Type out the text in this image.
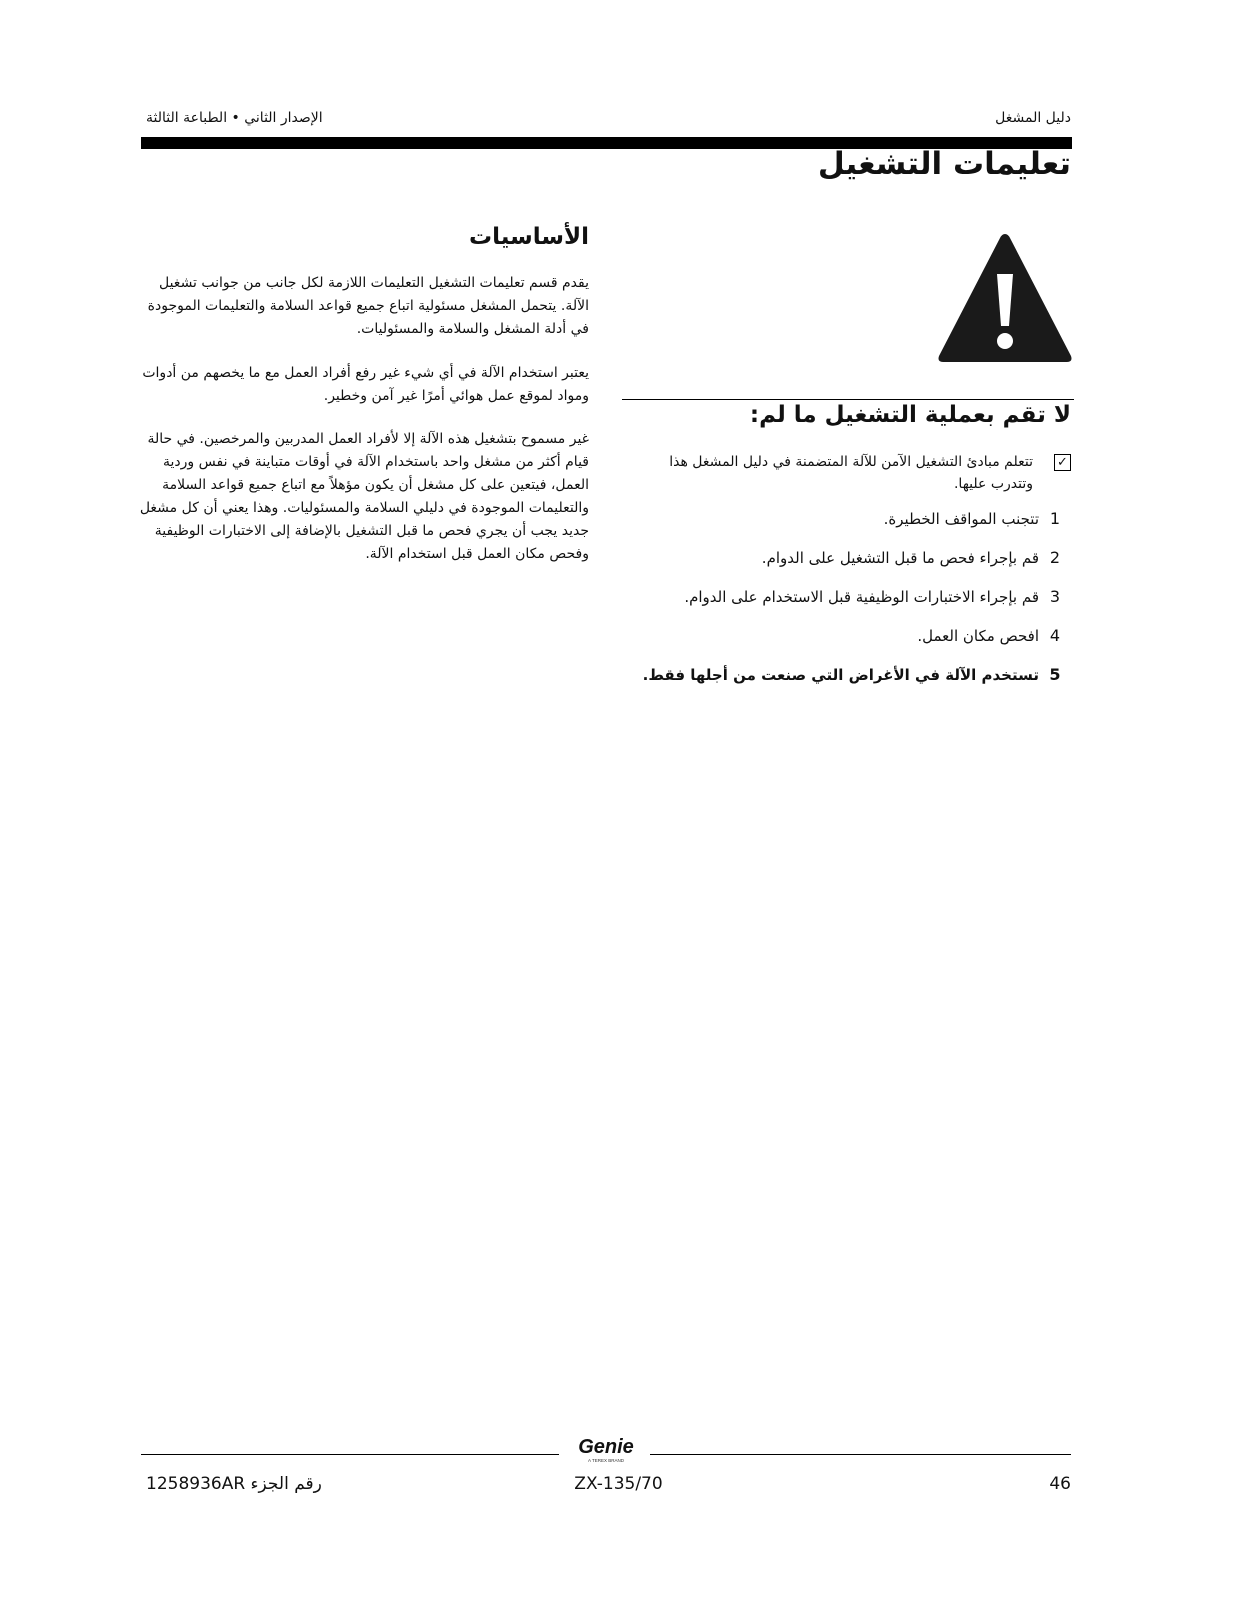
دليل المشغل
الإصدار الثاني • الطباعة الثالثة
تعليمات التشغيل
الأساسيات
يقدم قسم تعليمات التشغيل التعليمات اللازمة لكل جانب من جوانب تشغيل الآلة. يتحمل المشغل مسئولية اتباع جميع قواعد السلامة والتعليمات الموجودة في أدلة المشغل والسلامة والمسئوليات.
يعتبر استخدام الآلة في أي شيء غير رفع أفراد العمل مع ما يخصهم من أدوات ومواد لموقع عمل هوائي أمرًا غير آمن وخطير.
غير مسموح بتشغيل هذه الآلة إلا لأفراد العمل المدربين والمرخصين. في حالة قيام أكثر من مشغل واحد باستخدام الآلة في أوقات متباينة في نفس وردية العمل، فيتعين على كل مشغل أن يكون مؤهلاً مع اتباع جميع قواعد السلامة والتعليمات الموجودة في دليلي السلامة والمسئوليات. وهذا يعني أن كل مشغل جديد يجب أن يجري فحص ما قبل التشغيل بالإضافة إلى الاختبارات الوظيفية وفحص مكان العمل قبل استخدام الآلة.
لا تقم بعملية التشغيل ما لم:
✓
تتعلم مبادئ التشغيل الآمن للآلة المتضمنة في دليل المشغل هذا وتتدرب عليها.
1تتجنب المواقف الخطيرة.
2قم بإجراء فحص ما قبل التشغيل على الدوام.
3قم بإجراء الاختبارات الوظيفية قبل الاستخدام على الدوام.
4افحص مكان العمل.
5تستخدم الآلة في الأغراض التي صنعت من أجلها فقط.
Genie
A TEREX BRAND
رقم الجزء 1258936AR	ZX-135/70	46
